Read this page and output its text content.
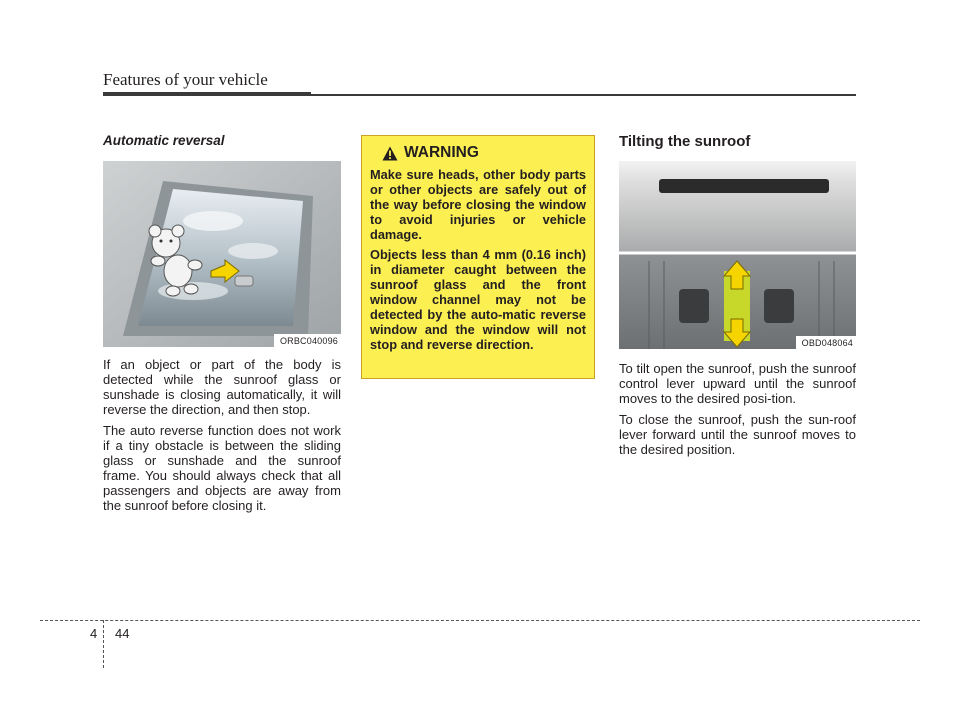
Features of your vehicle

Automatic reversal

ORBC040096

If an object or part of the body is detected while the sunroof glass or sunshade is closing automatically, it will reverse the direction, and then stop.

The auto reverse function does not work if a tiny obstacle is between the sliding glass or sunshade and the sunroof frame. You should always check that all passengers and objects are away from the sunroof before closing it.

WARNING

Make sure heads, other body parts or other objects are safely out of the way before closing the window to avoid injuries or vehicle damage.

Objects less than 4 mm (0.16 inch) in diameter caught between the sunroof glass and the front window channel may not be detected by the auto-matic reverse window and the window will not stop and reverse direction.

Tilting the sunroof

OBD048064

To tilt open the sunroof, push the sunroof control lever upward until the sunroof moves to the desired posi-tion.

To close the sunroof, push the sun-roof lever forward until the sunroof moves to the desired position.

4 44
